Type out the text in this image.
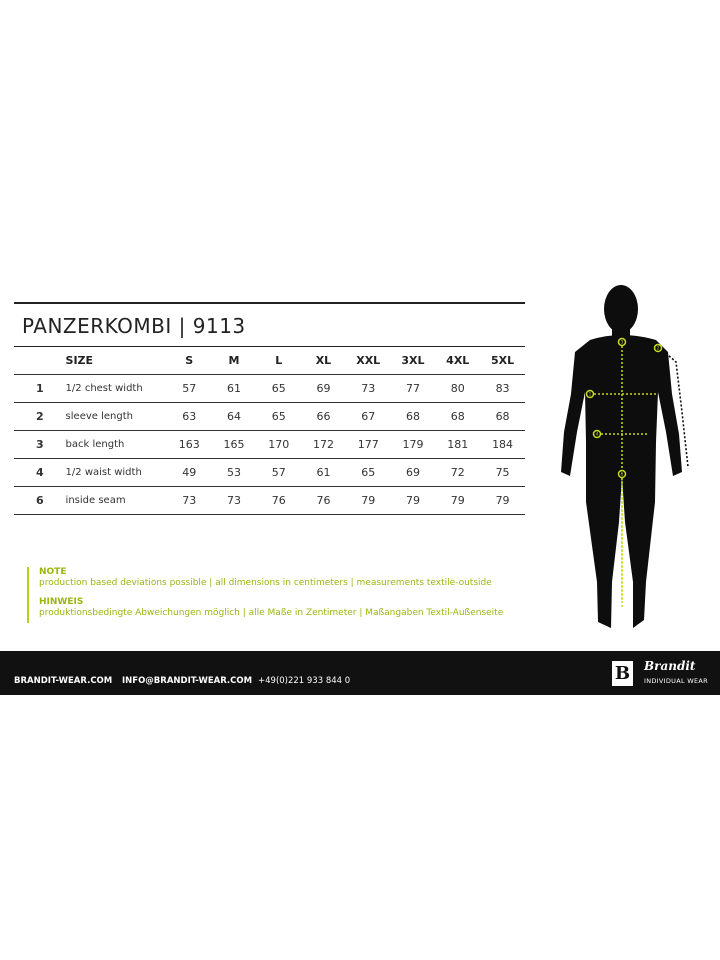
PANZERKOMBI | 9113
	SIZE	S	M	L	XL	XXL	3XL	4XL	5XL
1	1/2 chest width	57	61	65	69	73	77	80	83
2	sleeve length	63	64	65	66	67	68	68	68
3	back length	163	165	170	172	177	179	181	184
4	1/2 waist width	49	53	57	61	65	69	72	75
6	inside seam	73	73	76	76	79	79	79	79
NOTE
production based deviations possible | all dimensions in centimeters | measurements textile-outside
HINWEIS
produktionsbedingte Abweichungen möglich | alle Maße in Zentimeter | Maßangaben Textil-Außenseite
1
2
3
4
6
BRANDIT-WEAR.COM INFO@BRANDIT-WEAR.COM +49(0)221 933 844 0	B Brandit
INDIVIDUAL WEAR
